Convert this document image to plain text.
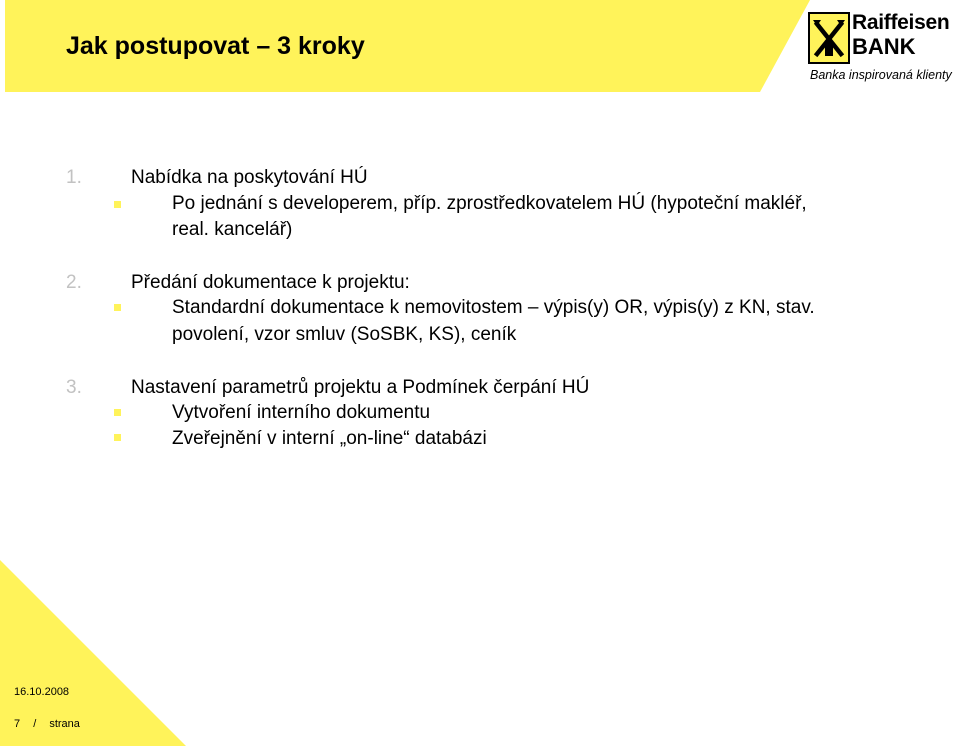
Jak postupovat – 3 kroky
Raiffeisen
BANK
Banka inspirovaná klienty
1.	Nabídka na poskytování HÚ
Po jednání s developerem, příp. zprostředkovatelem HÚ (hypoteční makléř,
real. kancelář)
2.	Předání dokumentace k projektu:
Standardní dokumentace k nemovitostem – výpis(y) OR, výpis(y) z KN, stav.
povolení, vzor smluv (SoSBK, KS), ceník
3.	Nastavení parametrů projektu a Podmínek čerpání HÚ
Vytvoření interního dokumentu
Zveřejnění v interní „on-line“ databázi
16.10.2008
7 / strana
